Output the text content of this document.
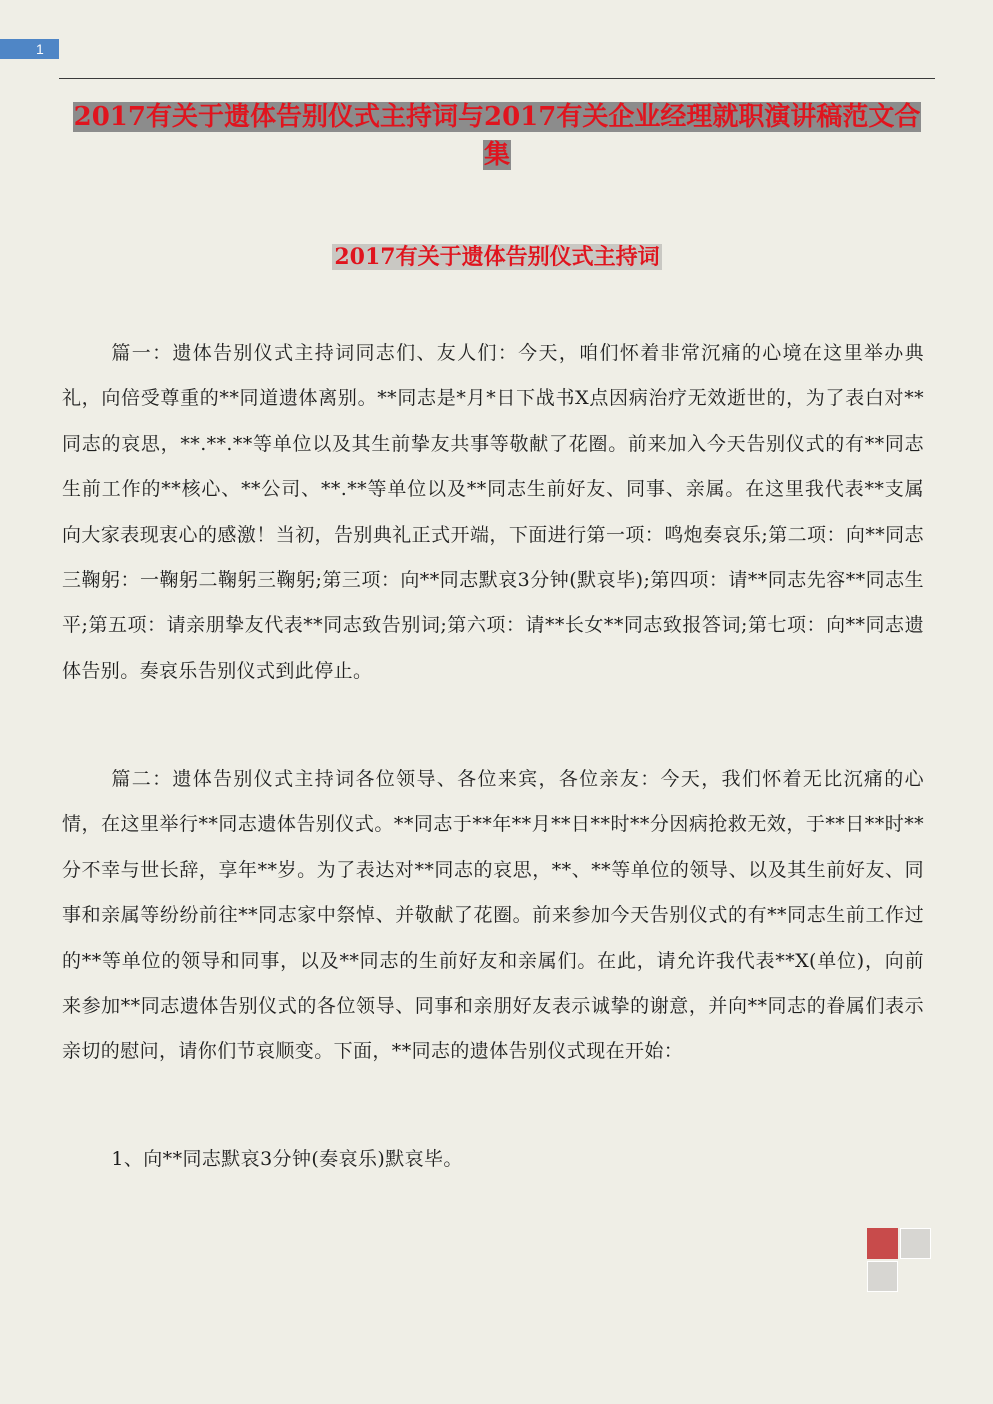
1
2017有关于遗体告别仪式主持词与2017有关企业经理就职演讲稿范文合集
2017有关于遗体告别仪式主持词

篇一：遗体告别仪式主持词同志们、友人们：今天，咱们怀着非常沉痛的心境在这里举办典礼，向倍受尊重的**同道遗体离别。**同志是*月*日下战书X点因病治疗无效逝世的，为了表白对**同志的哀思，**.**.**等单位以及其生前挚友共事等敬献了花圈。前来加入今天告别仪式的有**同志生前工作的**核心、**公司、**.**等单位以及**同志生前好友、同事、亲属。在这里我代表**支属向大家表现衷心的感激！当初，告别典礼正式开端，下面进行第一项：鸣炮奏哀乐;第二项：向**同志三鞠躬：一鞠躬二鞠躬三鞠躬;第三项：向**同志默哀3分钟(默哀毕);第四项：请**同志先容**同志生平;第五项：请亲朋挚友代表**同志致告别词;第六项：请**长女**同志致报答词;第七项：向**同志遗体告别。奏哀乐告别仪式到此停止。

篇二：遗体告别仪式主持词各位领导、各位来宾，各位亲友：今天，我们怀着无比沉痛的心情，在这里举行**同志遗体告别仪式。**同志于**年**月**日**时**分因病抢救无效，于**日**时**分不幸与世长辞，享年**岁。为了表达对**同志的哀思，**、**等单位的领导、以及其生前好友、同事和亲属等纷纷前往**同志家中祭悼、并敬献了花圈。前来参加今天告别仪式的有**同志生前工作过的**等单位的领导和同事，以及**同志的生前好友和亲属们。在此，请允许我代表**X(单位)，向前来参加**同志遗体告别仪式的各位领导、同事和亲朋好友表示诚挚的谢意，并向**同志的眷属们表示亲切的慰问，请你们节哀顺变。下面，**同志的遗体告别仪式现在开始：

1、向**同志默哀3分钟(奏哀乐)默哀毕。
